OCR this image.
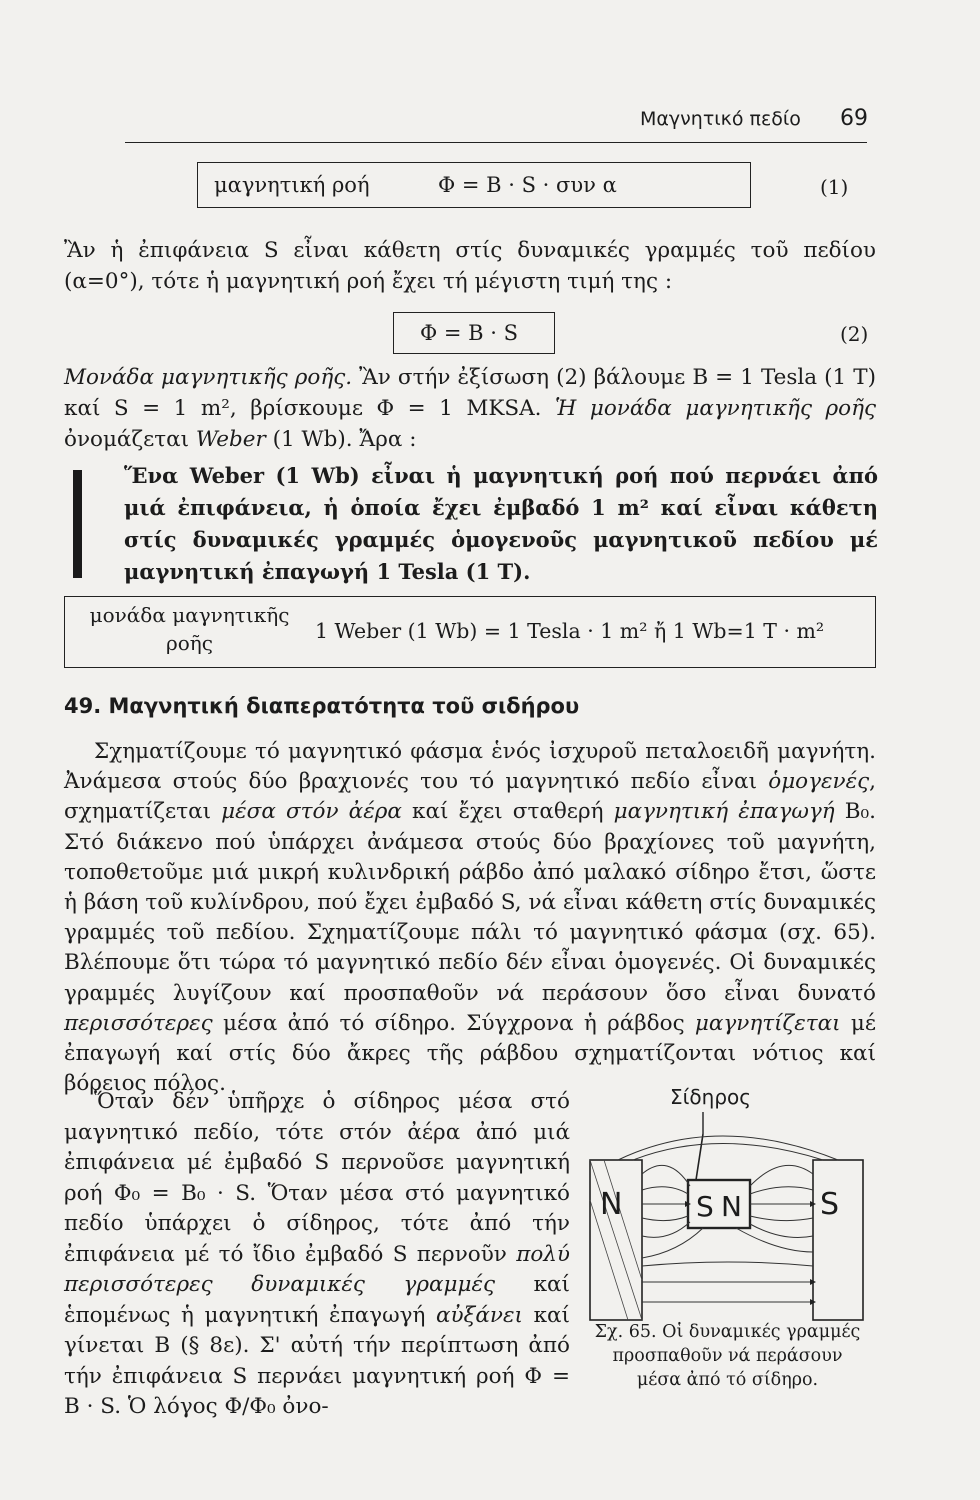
Μαγνητικό πεδίο 69
μαγνητική ροή	Φ = B · S · συν α	(1)
Ἂν ἡ ἐπιφάνεια S εἶναι κάθετη στίς δυναμικές γραμμές τοῦ πεδίου (α=0°), τότε ἡ μαγνητική ροή ἔχει τή μέγιστη τιμή της :
Φ = B · S	(2)
Μονάδα μαγνητικῆς ροῆς. Ἂν στήν ἐξίσωση (2) βάλουμε B = 1 Tesla (1 T) καί S = 1 m², βρίσκουμε Φ = 1 MKSA. Ἡ μονάδα μαγνητικῆς ροῆς ὀνομάζεται Weber (1 Wb). Ἄρα :
Ἕνα Weber (1 Wb) εἶναι ἡ μαγνητική ροή πού περνάει ἀπό μιά ἐπιφάνεια, ἡ ὁποία ἔχει ἐμβαδό 1 m² καί εἶναι κάθετη στίς δυναμικές γραμμές ὁμογενοῦς μαγνητικοῦ πεδίου μέ μαγνητική ἐπαγωγή 1 Tesla (1 T).
μονάδα μαγνητικῆς
ροῆς	1 Weber (1 Wb) = 1 Tesla · 1 m² ἤ 1 Wb=1 T · m²
49. Μαγνητική διαπερατότητα τοῦ σιδήρου

Σχηματίζουμε τό μαγνητικό φάσμα ἑνός ἰσχυροῦ πεταλοειδῆ μαγνήτη. Ἀνάμεσα στούς δύο βραχιονές του τό μαγνητικό πεδίο εἶναι ὁμογενές, σχηματίζεται μέσα στόν ἀέρα καί ἔχει σταθερή μαγνητική ἐπαγωγή B₀. Στό διάκενο πού ὑπάρχει ἀνάμεσα στούς δύο βραχίονες τοῦ μαγνήτη, τοποθετοῦμε μιά μικρή κυλινδρική ράβδο ἀπό μαλακό σίδηρο ἔτσι, ὥστε ἡ βάση τοῦ κυλίνδρου, πού ἔχει ἐμβαδό S, νά εἶναι κάθετη στίς δυναμικές γραμμές τοῦ πεδίου. Σχηματίζουμε πάλι τό μαγνητικό φάσμα (σχ. 65). Βλέπουμε ὅτι τώρα τό μαγνητικό πεδίο δέν εἶναι ὁμογενές. Οἱ δυναμικές γραμμές λυγίζουν καί προσπαθοῦν νά περάσουν ὅσο εἶναι δυνατό περισσότερες μέσα ἀπό τό σίδηρο. Σύγχρονα ἡ ράβδος μαγνητίζεται μέ ἐπαγωγή καί στίς δύο ἄκρες τῆς ράβδου σχηματίζονται νότιος καί βόρειος πόλος.

Ὅταν δέν ὑπῆρχε ὁ σίδηρος μέσα στό μαγνητικό πεδίο, τότε στόν ἀέρα ἀπό μιά ἐπιφάνεια μέ ἐμβαδό S περνοῦσε μαγνητική ροή Φ₀ = B₀ · S. Ὅταν μέσα στό μαγνητικό πεδίο ὑπάρχει ὁ σίδηρος, τότε ἀπό τήν ἐπιφάνεια μέ τό ἴδιο ἐμβαδό S περνοῦν πολύ περισσότερες δυναμικές γραμμές καί ἑπομένως ἡ μαγνητική ἐπαγωγή αὐξάνει καί γίνεται B (§ 8ε). Σ' αὐτή τήν περίπτωση ἀπό τήν ἐπιφάνεια S περνάει μαγνητική ροή Φ = B · S. Ὁ λόγος Φ/Φ₀ ὀνο-

Σίδηρος
N	S
S N
Σχ. 65. Οἱ δυναμικές γραμμές προσπαθοῦν νά περάσουν μέσα ἀπό τό σίδηρο.
